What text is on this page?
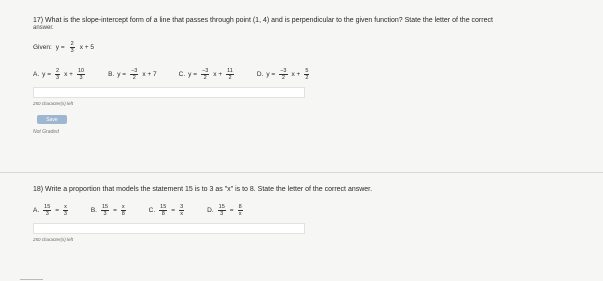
17) What is the slope-intercept form of a line that passes through point (1, 4) and is perpendicular to the given function? State the letter of the correct
answer.
Given: $y = \frac{2}{3}$ x + 5
A. $y = \frac{2}{3}$ $x + \frac{10}{3}$	B. $y = \frac{-3}{2}$ x + 7	C. $y = \frac{-3}{2}$ $x + \frac{11}{2}$	D. $y = \frac{-3}{2}$ $x + \frac{5}{2}$
250 character(s) left
Save
Not Graded
18) Write a proportion that models the statement 15 is to 3 as "x" is to 8. State the letter of the correct answer.
A. $\frac{15}{3} = \frac{x}{3}$	B. $\frac{15}{3} = \frac{x}{8}$	C. $\frac{15}{8} = \frac{3}{x}$	D. $\frac{15}{3} = \frac{8}{x}$
250 character(s) left
